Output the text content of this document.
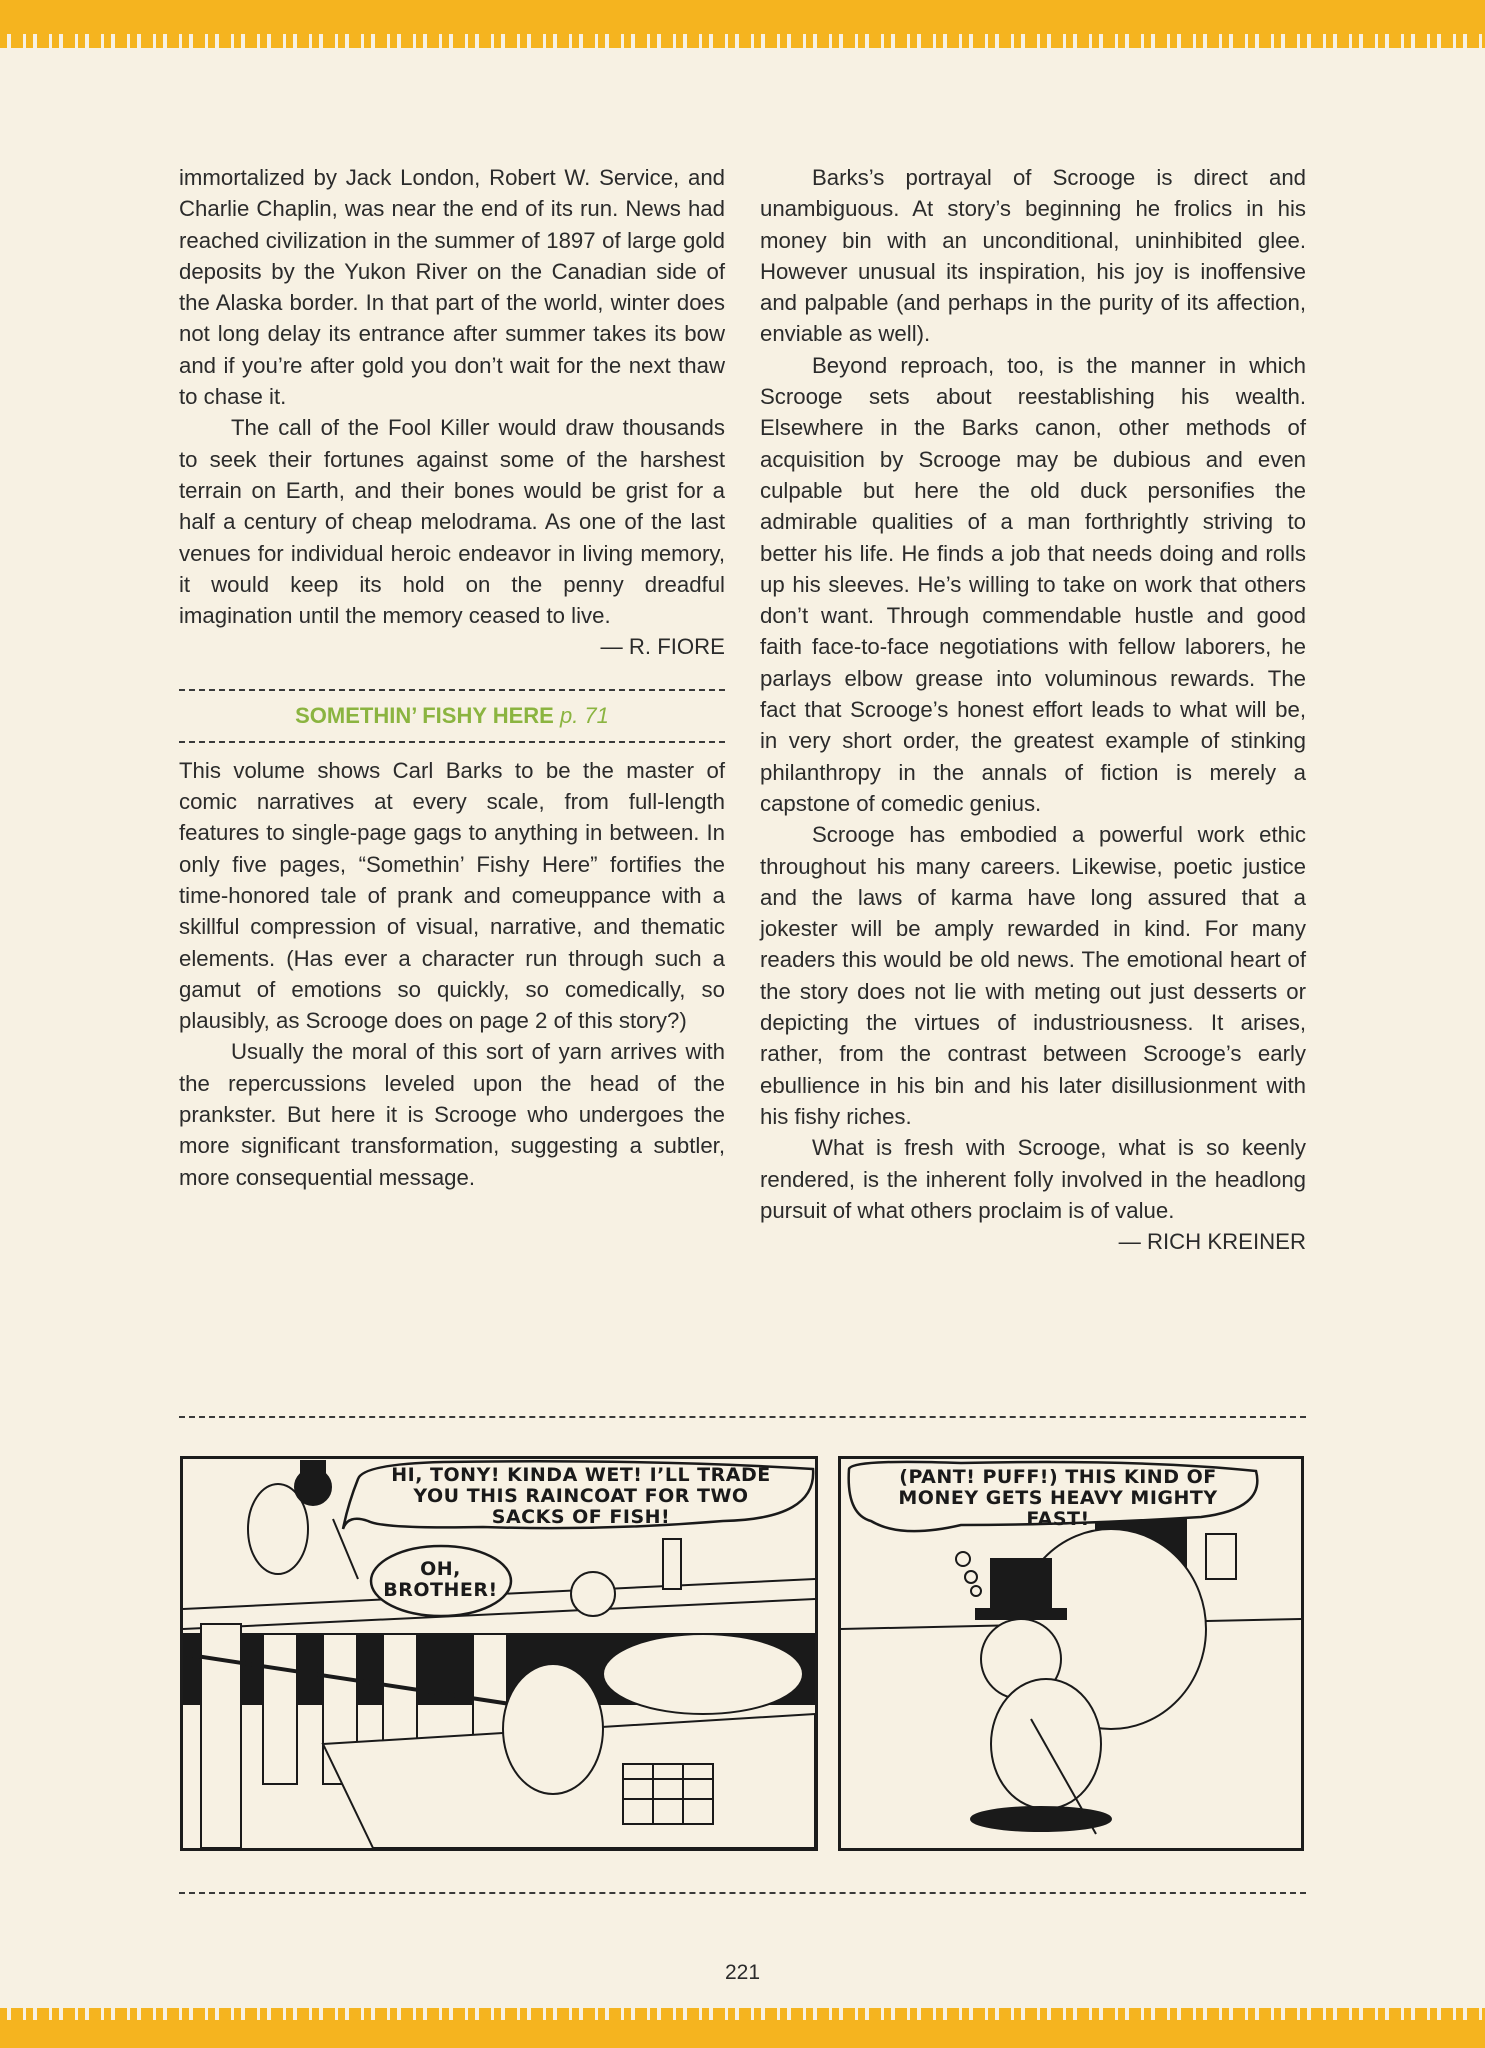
immortalized by Jack London, Robert W. Service, and Charlie Chaplin, was near the end of its run. News had reached civilization in the summer of 1897 of large gold deposits by the Yukon River on the Canadian side of the Alaska border. In that part of the world, winter does not long delay its entrance after summer takes its bow and if you’re after gold you don’t wait for the next thaw to chase it.

The call of the Fool Killer would draw thousands to seek their fortunes against some of the harshest terrain on Earth, and their bones would be grist for a half a century of cheap melodrama. As one of the last venues for individual heroic endeavor in living memory, it would keep its hold on the penny dreadful imagination until the memory ceased to live.

— R. FIORE

SOMETHIN’ FISHY HERE p. 71

This volume shows Carl Barks to be the master of comic narratives at every scale, from full-length features to single-page gags to anything in between. In only five pages, “Somethin’ Fishy Here” fortifies the time-honored tale of prank and comeuppance with a skillful compression of visual, narrative, and thematic elements. (Has ever a character run through such a gamut of emotions so quickly, so comedically, so plausibly, as Scrooge does on page 2 of this story?)

Usually the moral of this sort of yarn arrives with the repercussions leveled upon the head of the prankster. But here it is Scrooge who undergoes the more significant transformation, suggesting a subtler, more consequential message.

Barks’s portrayal of Scrooge is direct and unambiguous. At story’s beginning he frolics in his money bin with an unconditional, uninhibited glee. However unusual its inspiration, his joy is inoffensive and palpable (and perhaps in the purity of its affection, enviable as well).

Beyond reproach, too, is the manner in which Scrooge sets about reestablishing his wealth. Elsewhere in the Barks canon, other methods of acquisition by Scrooge may be dubious and even culpable but here the old duck personifies the admirable qualities of a man forthrightly striving to better his life. He finds a job that needs doing and rolls up his sleeves. He’s willing to take on work that others don’t want. Through commendable hustle and good faith face-to-face negotiations with fellow laborers, he parlays elbow grease into voluminous rewards. The fact that Scrooge’s honest effort leads to what will be, in very short order, the greatest example of stinking philanthropy in the annals of fiction is merely a capstone of comedic genius.

Scrooge has embodied a powerful work ethic throughout his many careers. Likewise, poetic justice and the laws of karma have long assured that a jokester will be amply rewarded in kind. For many readers this would be old news. The emotional heart of the story does not lie with meting out just desserts or depicting the virtues of industriousness. It arises, rather, from the contrast between Scrooge’s early ebullience in his bin and his later disillusionment with his fishy riches.

What is fresh with Scrooge, what is so keenly rendered, is the inherent folly involved in the headlong pursuit of what others proclaim is of value.

— RICH KREINER

HI, TONY! KINDA WET! I’LL TRADE
YOU THIS RAINCOAT FOR TWO
SACKS OF FISH!

OH,
BROTHER!

(PANT! PUFF!) THIS KIND OF
MONEY GETS HEAVY MIGHTY
FAST!

221
